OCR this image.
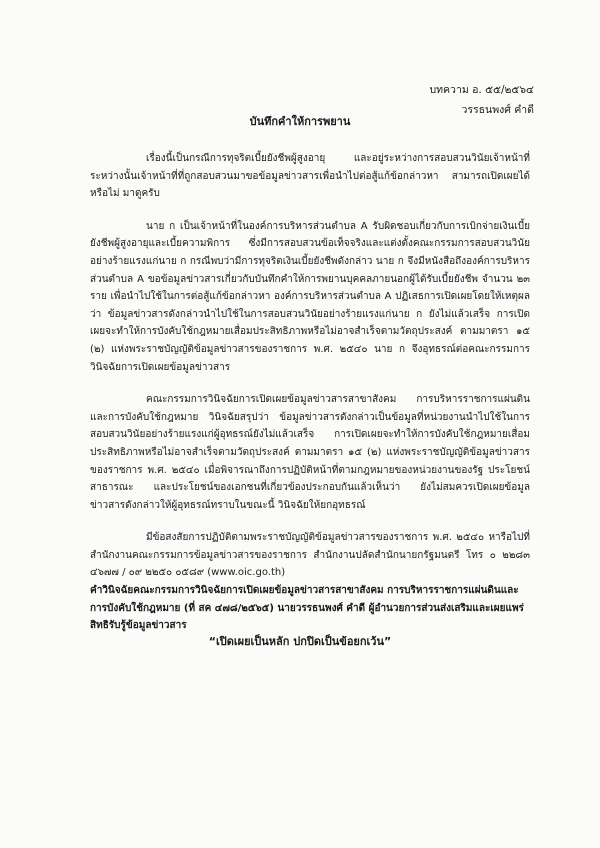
บทความ อ. ๕๕/๒๕๖๔
วรรธนพงศ์ คำดี
บันทึกคำให้การพยาน

เรื่องนี้เป็นกรณีการทุจริตเบี้ยยังชีพผู้สูงอายุ และอยู่ระหว่างการสอบสวนวินัยเจ้าหน้าที่ ระหว่างนั้นเจ้าหน้าที่ที่ถูกสอบสวนมาขอข้อมูลข่าวสารเพื่อนำไปต่อสู้แก้ข้อกล่าวหา สามารถเปิดเผยได้หรือไม่ มาดูครับ

นาย ก เป็นเจ้าหน้าที่ในองค์การบริหารส่วนตำบล A รับผิดชอบเกี่ยวกับการเบิกจ่ายเงินเบี้ยยังชีพผู้สูงอายุและเบี้ยความพิการ ซึ่งมีการสอบสวนข้อเท็จจริงและแต่งตั้งคณะกรรมการสอบสวนวินัยอย่างร้ายแรงแก่นาย ก กรณีพบว่ามีการทุจริตเงินเบี้ยยังชีพดังกล่าว นาย ก จึงมีหนังสือถึงองค์การบริหารส่วนตำบล A ขอข้อมูลข่าวสารเกี่ยวกับบันทึกคำให้การพยานบุคคลภายนอกผู้ได้รับเบี้ยยังชีพ จำนวน ๒๓ ราย เพื่อนำไปใช้ในการต่อสู้แก้ข้อกล่าวหา องค์การบริหารส่วนตำบล A ปฏิเสธการเปิดเผยโดยให้เหตุผลว่า ข้อมูลข่าวสารดังกล่าวนำไปใช้ในการสอบสวนวินัยอย่างร้ายแรงแก่นาย ก ยังไม่แล้วเสร็จ การเปิดเผยจะทำให้การบังคับใช้กฎหมายเสื่อมประสิทธิภาพหรือไม่อาจสำเร็จตามวัตถุประสงค์ ตามมาตรา ๑๕ (๒) แห่งพระราชบัญญัติข้อมูลข่าวสารของราชการ พ.ศ. ๒๕๔๐ นาย ก จึงอุทธรณ์ต่อคณะกรรมการวินิจฉัยการเปิดเผยข้อมูลข่าวสาร

คณะกรรมการวินิจฉัยการเปิดเผยข้อมูลข่าวสารสาขาสังคม การบริหารราชการแผ่นดินและการบังคับใช้กฎหมาย วินิจฉัยสรุปว่า ข้อมูลข่าวสารดังกล่าวเป็นข้อมูลที่หน่วยงานนำไปใช้ในการสอบสวนวินัยอย่างร้ายแรงแก่ผู้อุทธรณ์ยังไม่แล้วเสร็จ การเปิดเผยจะทำให้การบังคับใช้กฎหมายเสื่อมประสิทธิภาพหรือไม่อาจสำเร็จตามวัตถุประสงค์ ตามมาตรา ๑๕ (๒) แห่งพระราชบัญญัติข้อมูลข่าวสารของราชการ พ.ศ. ๒๕๔๐ เมื่อพิจารณาถึงการปฏิบัติหน้าที่ตามกฎหมายของหน่วยงานของรัฐ ประโยชน์สาธารณะ และประโยชน์ของเอกชนที่เกี่ยวข้องประกอบกันแล้วเห็นว่า ยังไม่สมควรเปิดเผยข้อมูลข่าวสารดังกล่าวให้ผู้อุทธรณ์ทราบในขณะนี้ วินิจฉัยให้ยกอุทธรณ์

มีข้อสงสัยการปฏิบัติตามพระราชบัญญัติข้อมูลข่าวสารของราชการ พ.ศ. ๒๕๔๐ หารือไปที่ สำนักงานคณะกรรมการข้อมูลข่าวสารของราชการ สำนักงานปลัดสำนักนายกรัฐมนตรี โทร ๐ ๒๒๘๓ ๔๖๗๗ / ๐๙ ๒๒๕๐ ๐๕๘๙ (www.oic.go.th)

คำวินิจฉัยคณะกรรมการวินิจฉัยการเปิดเผยข้อมูลข่าวสารสาขาสังคม การบริหารราชการแผ่นดินและการบังคับใช้กฎหมาย (ที่ สค ๔๗๘/๒๕๖๕) นายวรรธนพงศ์ คำดี ผู้อำนวยการส่วนส่งเสริมและเผยแพร่สิทธิรับรู้ข้อมูลข่าวสาร

“เปิดเผยเป็นหลัก ปกปิดเป็นข้อยกเว้น”
